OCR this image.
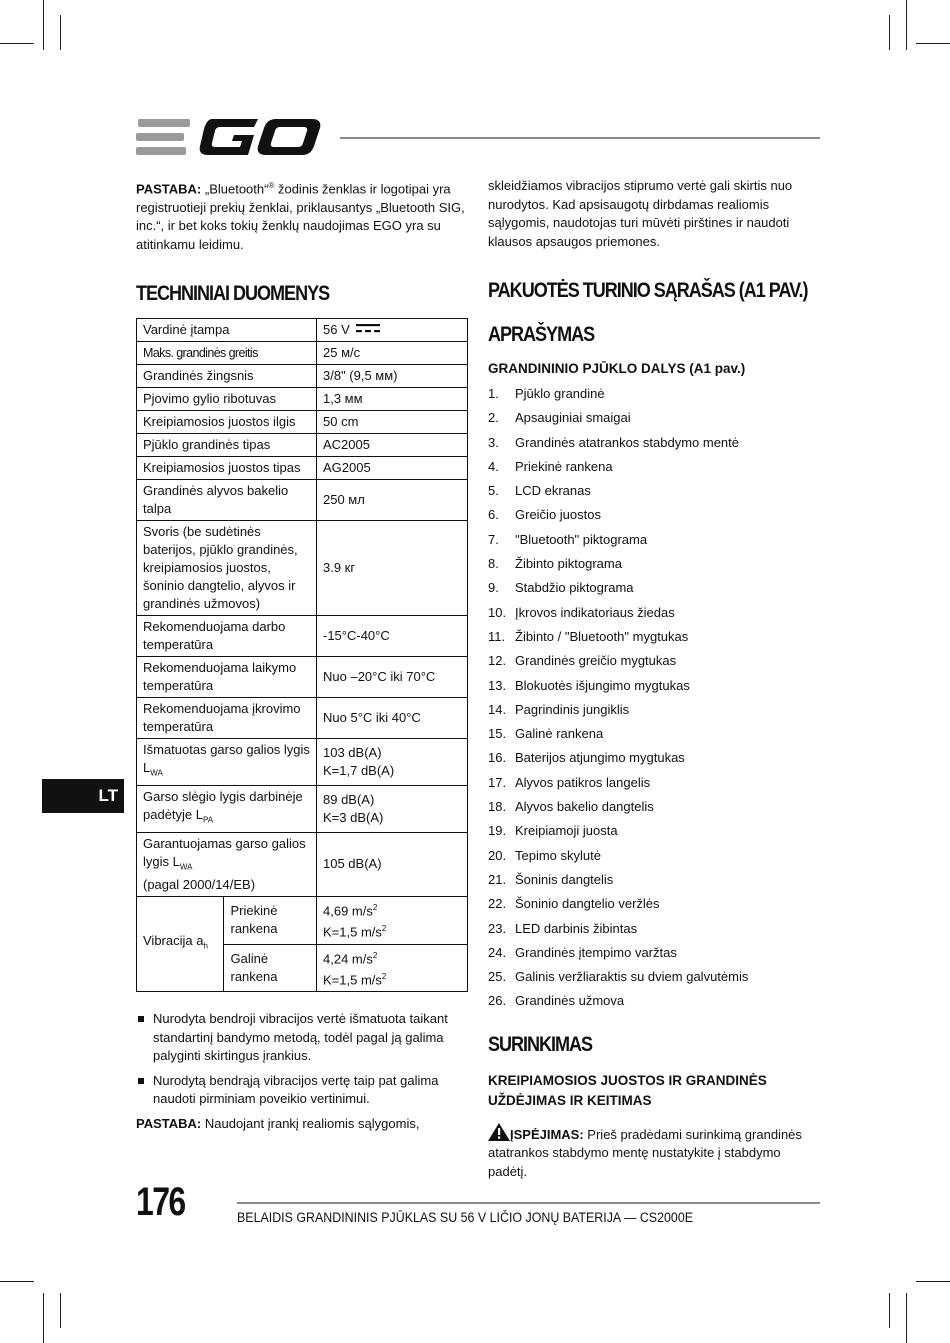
PASTABA: „Bluetooth“® žodinis ženklas ir logotipai yra registruotieji prekių ženklai, priklausantys „Bluetooth SIG, inc.“, ir bet koks tokių ženklų naudojimas EGO yra su atitinkamu leidimu.

TECHNINIAI DUOMENYS
Vardinė įtampa		56 V
Maks. grandinės greitis		25 м/с
Grandinės žingsnis		3/8" (9,5 мм)
Pjovimo gylio ribotuvas		1,3 мм
Kreipiamosios juostos ilgis		50 cm
Pjūklo grandinės tipas		AC2005
Kreipiamosios juostos tipas		AG2005
Grandinės alyvos bakelio talpa		250 мл
Svoris (be sudėtinės baterijos, pjūklo grandinės, kreipiamosios juostos, šoninio dangtelio, alyvos ir grandinės užmovos)		3.9 кг
Rekomenduojama darbo temperatūra		-15°C-40°C
Rekomenduojama laikymo temperatūra		Nuo –20°C iki 70°C
Rekomenduojama įkrovimo temperatūra		Nuo 5°C iki 40°C
Išmatuotas garso galios lygis $L_{WA}$		103 dB(A)
K=1,7 dB(A)
Garso slėgio lygis darbinėje padėtyje $L_{PA}$		89 dB(A)
K=3 dB(A)
Garantuojamas garso galios lygis $L_{WA}$
(pagal 2000/14/EB)		105 dB(A)
Vibracija $a_h$	Priekinė rankena	4,69 $m/s^2$
K=1,5 $m/s^2$
	Galinė rankena	4,24 $m/s^2$
K=1,5 $m/s^2$
Nurodyta bendroji vibracijos vertė išmatuota taikant standartinį bandymo metodą, todėl pagal ją galima palyginti skirtingus įrankius.
Nurodytą bendrąją vibracijos vertę taip pat galima naudoti pirminiam poveikio vertinimui.

PASTABA: Naudojant įrankį realiomis sąlygomis,

skleidžiamos vibracijos stiprumo vertė gali skirtis nuo nurodytos. Kad apsisaugotų dirbdamas realiomis sąlygomis, naudotojas turi mūvėti pirštines ir naudoti klausos apsaugos priemones.

PAKUOTĖS TURINIO SĄRAŠAS (A1 PAV.)
APRAŠYMAS
GRANDININIO PJŪKLO DALYS (A1 pav.)
1.	Pjūklo grandinė
2.	Apsauginiai smaigai
3.	Grandinės atatrankos stabdymo mentė
4.	Priekinė rankena
5.	LCD ekranas
6.	Greičio juostos
7.	"Bluetooth" piktograma
8.	Žibinto piktograma
9.	Stabdžio piktograma
10. Įkrovos indikatoriaus žiedas
11. Žibinto / "Bluetooth" mygtukas
12. Grandinės greičio mygtukas
13. Blokuotės išjungimo mygtukas
14. Pagrindinis jungiklis
15. Galinė rankena
16. Baterijos atjungimo mygtukas
17. Alyvos patikros langelis
18. Alyvos bakelio dangtelis
19. Kreipiamoji juosta
20. Tepimo skylutė
21. Šoninis dangtelis
22. Šoninio dangtelio veržlės
23. LED darbinis žibintas
24. Grandinės įtempimo varžtas
25. Galinis veržliaraktis su dviem galvutėmis
26. Grandinės užmova
SURINKIMAS
KREIPIAMOSIOS JUOSTOS IR GRANDINĖS UŽDĖJIMAS IR KEITIMAS

ĮSPĖJIMAS: Prieš pradėdami surinkimą grandinės atatrankos stabdymo mentę nustatykite į stabdymo padėtį.

LT
176	BELAIDIS GRANDININIS PJŪKLAS SU 56 V LIČIO JONŲ BATERIJA — CS2000E
